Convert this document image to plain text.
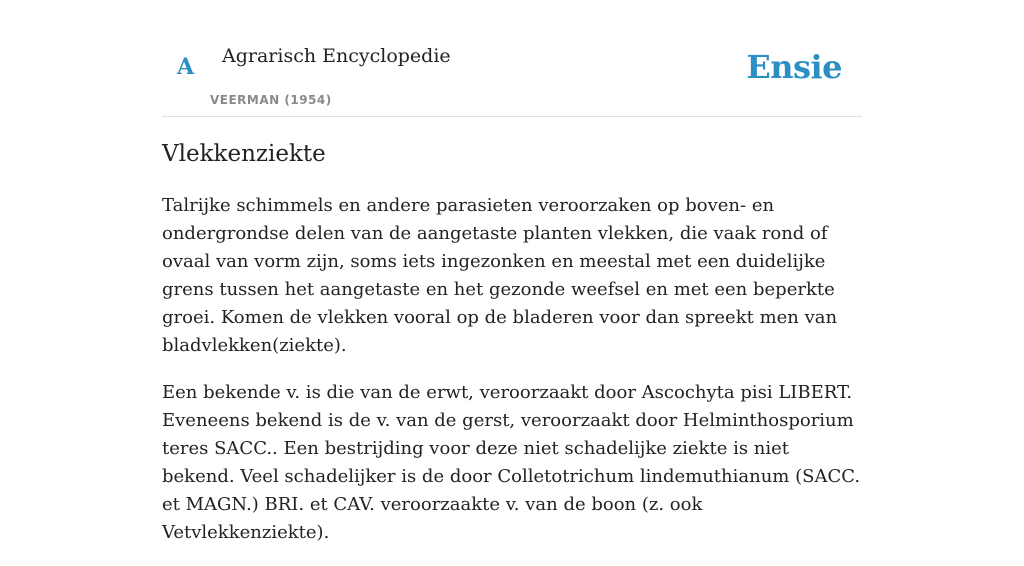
A Agrarisch Encyclopedie
VEERMAN (1954)
Ensie
Vlekkenziekte

Talrijke schimmels en andere parasieten veroorzaken op boven- en ondergrondse delen van de aangetaste planten vlekken, die vaak rond of ovaal van vorm zijn, soms iets ingezonken en meestal met een duidelijke grens tussen het aangetaste en het gezonde weefsel en met een beperkte groei. Komen de vlekken vooral op de bladeren voor dan spreekt men van bladvlekken(ziekte).

Een bekende v. is die van de erwt, veroorzaakt door Ascochyta pisi LIBERT. Eveneens bekend is de v. van de gerst, veroorzaakt door Helminthosporium teres SACC.. Een bestrijding voor deze niet schadelijke ziekte is niet bekend. Veel schadelijker is de door Colletotrichum lindemuthianum (SACC. et MAGN.) BRI. et CAV. veroorzaakte v. van de boon (z. ook Vetvlekkenziekte).
